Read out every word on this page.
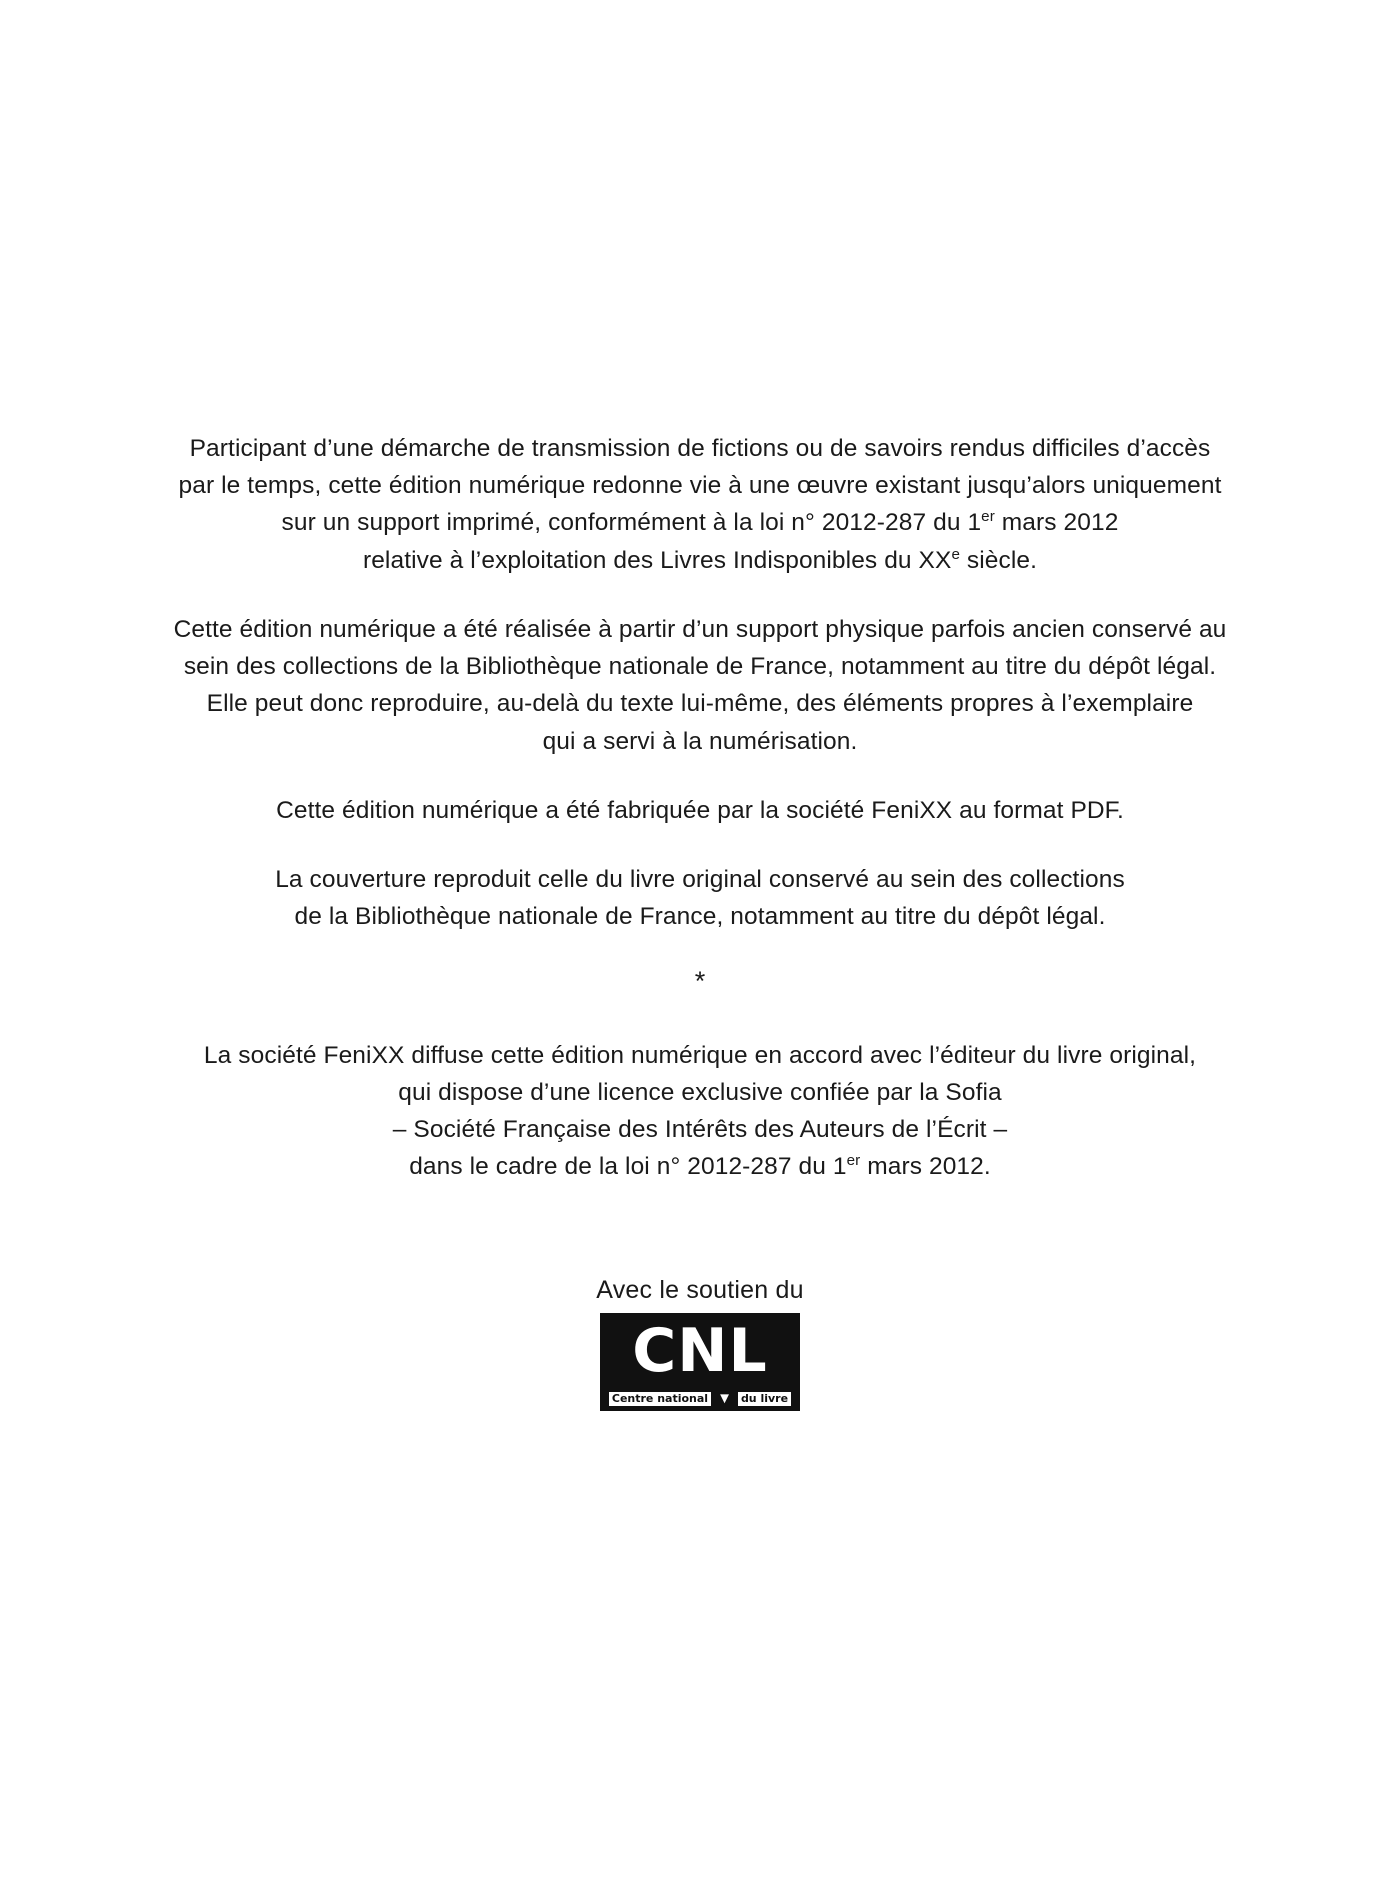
Participant d’une démarche de transmission de fictions ou de savoirs rendus difficiles d’accès
par le temps, cette édition numérique redonne vie à une œuvre existant jusqu’alors uniquement
sur un support imprimé, conformément à la loi n° 2012-287 du 1er mars 2012
relative à l’exploitation des Livres Indisponibles du XXe siècle.
Cette édition numérique a été réalisée à partir d’un support physique parfois ancien conservé au
sein des collections de la Bibliothèque nationale de France, notamment au titre du dépôt légal.
Elle peut donc reproduire, au-delà du texte lui-même, des éléments propres à l’exemplaire
qui a servi à la numérisation.
Cette édition numérique a été fabriquée par la société FeniXX au format PDF.
La couverture reproduit celle du livre original conservé au sein des collections
de la Bibliothèque nationale de France, notamment au titre du dépôt légal.
*
La société FeniXX diffuse cette édition numérique en accord avec l’éditeur du livre original,
qui dispose d’une licence exclusive confiée par la Sofia
– Société Française des Intérêts des Auteurs de l’Écrit –
dans le cadre de la loi n° 2012-287 du 1er mars 2012.
Avec le soutien du
CNL
Centre national ▼ du livre
